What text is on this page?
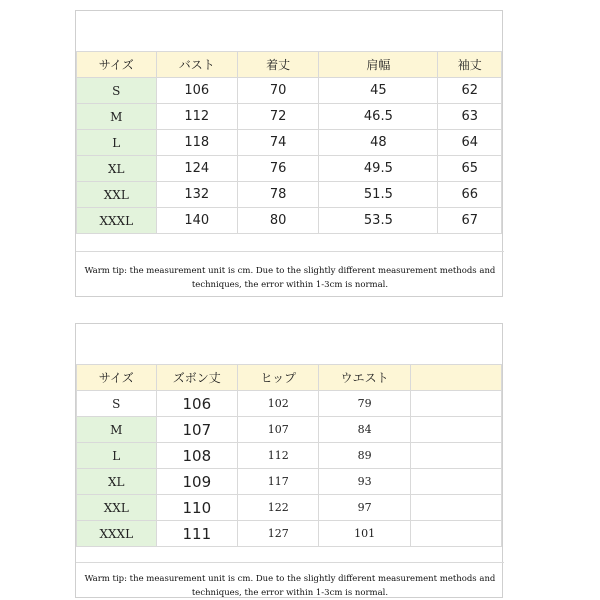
サイズ	バスト	着丈	肩幅	袖丈
S	106	70	45	62
M	112	72	46.5	63
L	118	74	48	64
XL	124	76	49.5	65
XXL	132	78	51.5	66
XXXL	140	80	53.5	67
Warm tip: the measurement unit is cm. Due to the slightly different measurement methods and
techniques, the error within 1-3cm is normal.
サイズ	ズボン丈	ヒップ	ウエスト	
S	106	102	79	
M	107	107	84	
L	108	112	89	
XL	109	117	93	
XXL	110	122	97	
XXXL	111	127	101	
Warm tip: the measurement unit is cm. Due to the slightly different measurement methods and
techniques, the error within 1-3cm is normal.
